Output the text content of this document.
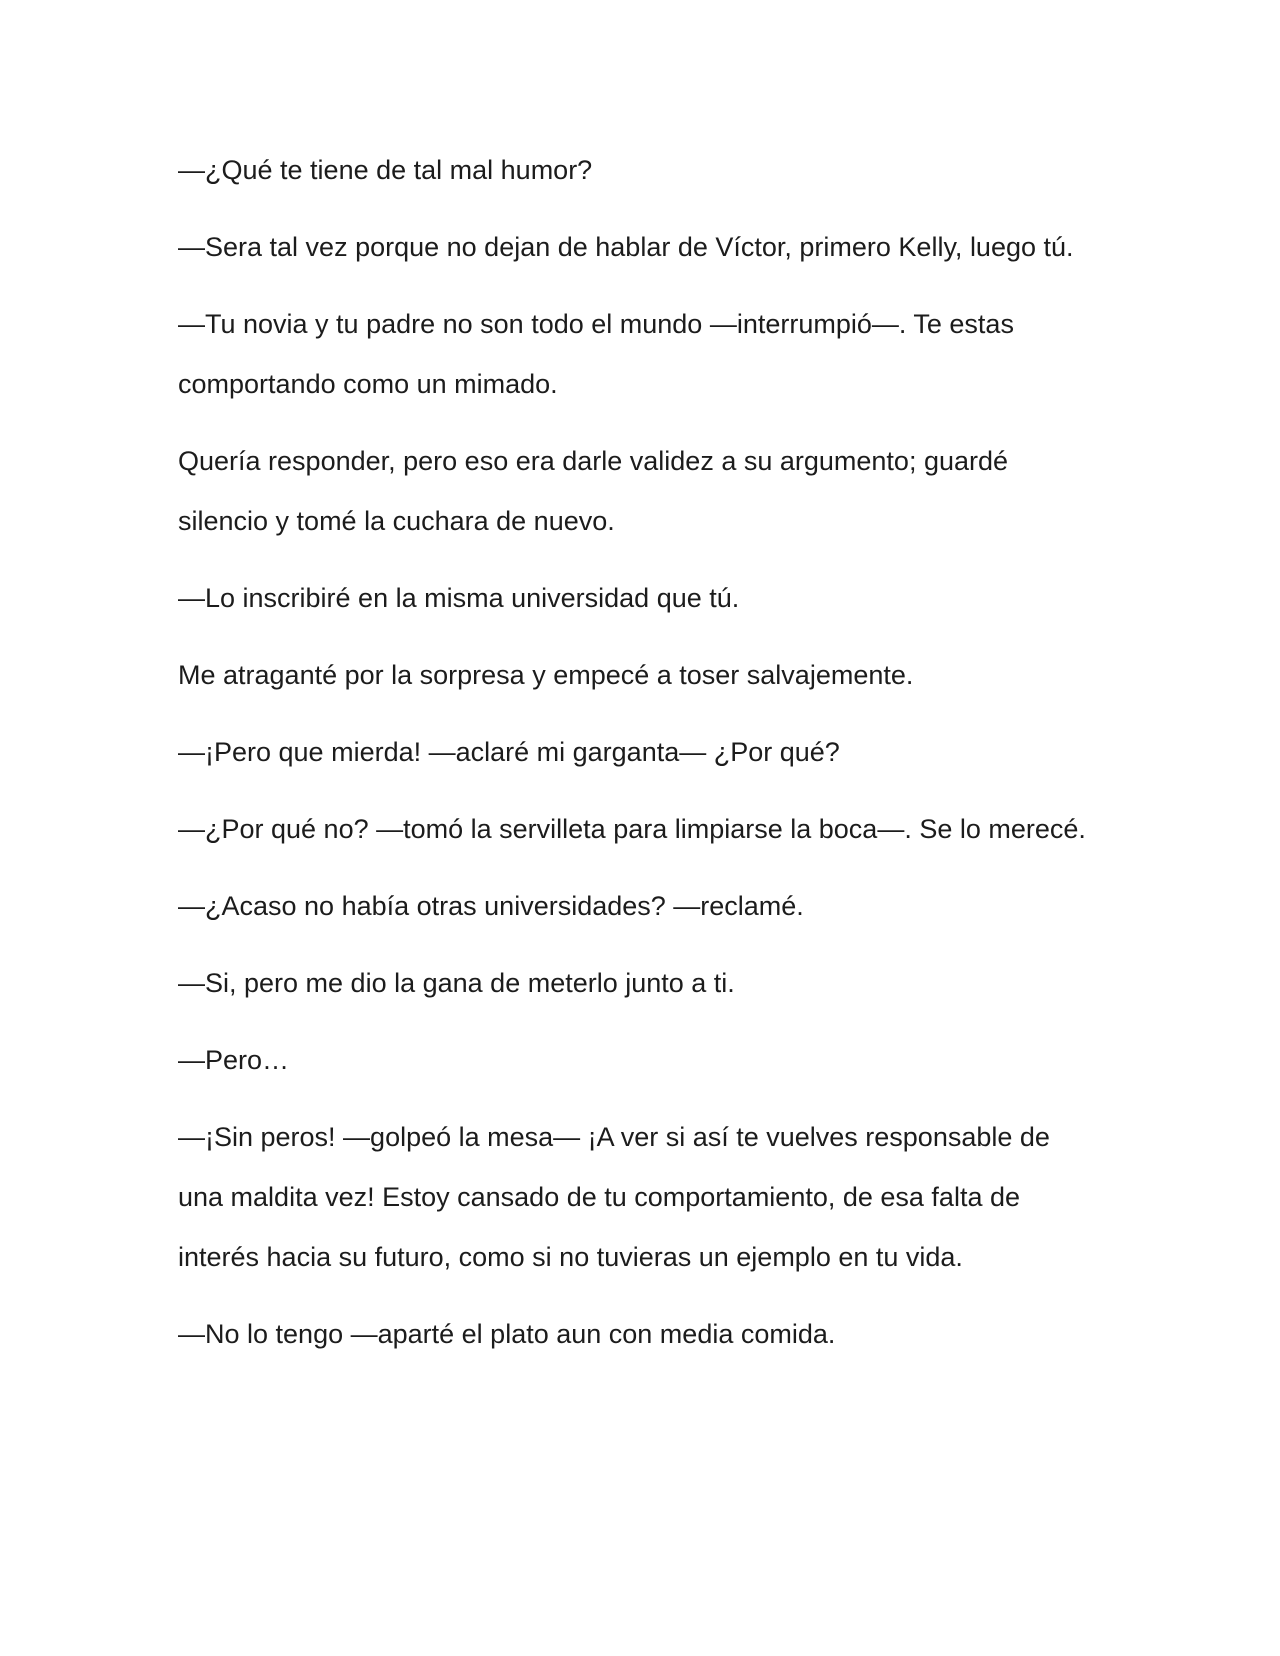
—¿Qué te tiene de tal mal humor?

—Sera tal vez porque no dejan de hablar de Víctor, primero Kelly, luego tú.

—Tu novia y tu padre no son todo el mundo —interrumpió—. Te estas comportando como un mimado.

Quería responder, pero eso era darle validez a su argumento; guardé silencio y tomé la cuchara de nuevo.

—Lo inscribiré en la misma universidad que tú.

Me atraganté por la sorpresa y empecé a toser salvajemente.

—¡Pero que mierda! —aclaré mi garganta— ¿Por qué?

—¿Por qué no? —tomó la servilleta para limpiarse la boca—. Se lo merecé.

—¿Acaso no había otras universidades? —reclamé.

—Si, pero me dio la gana de meterlo junto a ti.

—Pero…

—¡Sin peros! —golpeó la mesa— ¡A ver si así te vuelves responsable de una maldita vez! Estoy cansado de tu comportamiento, de esa falta de interés hacia su futuro, como si no tuvieras un ejemplo en tu vida.

—No lo tengo —aparté el plato aun con media comida.
